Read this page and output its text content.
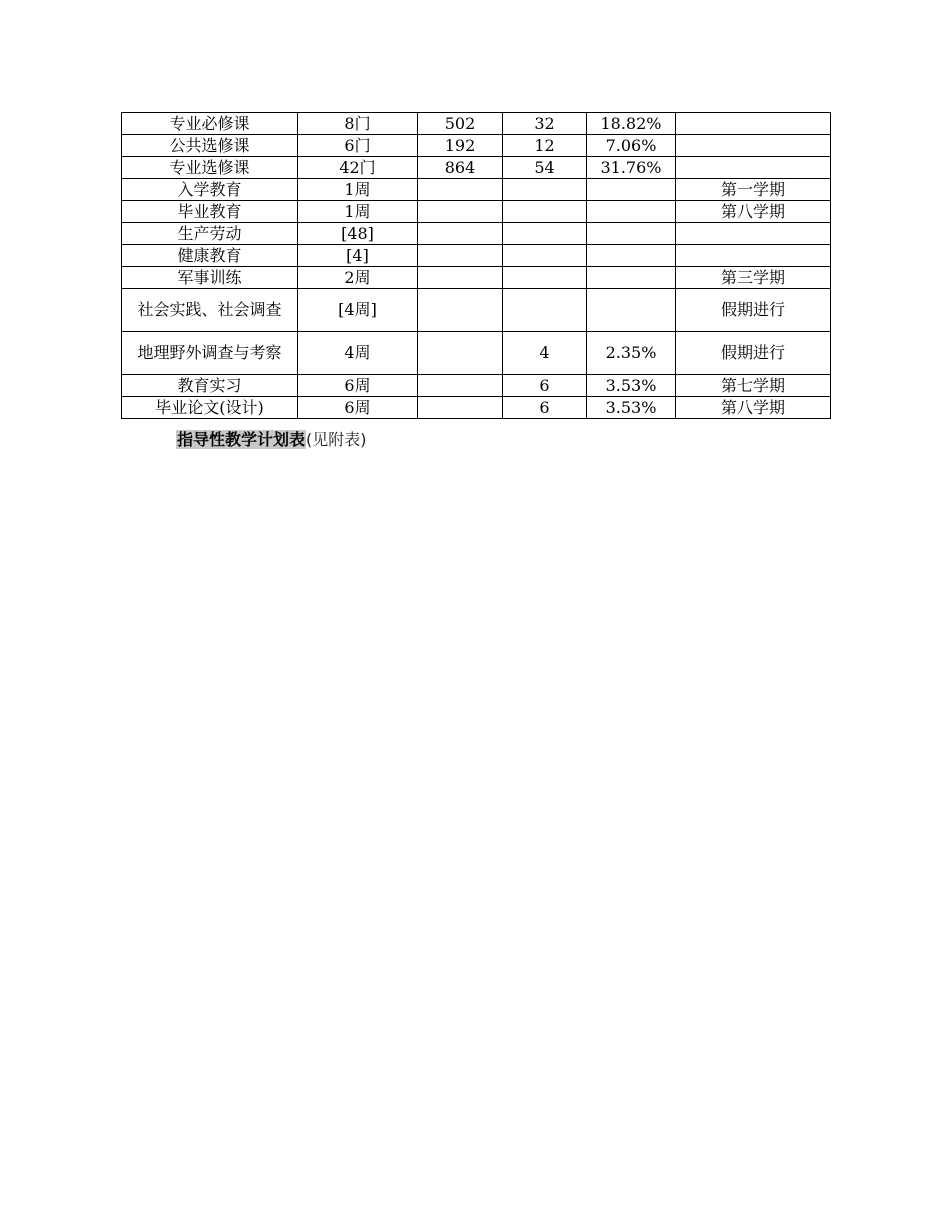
专业必修课	8门	502	32	18.82%	
公共选修课	6门	192	12	7.06%	
专业选修课	42门	864	54	31.76%	
入学教育	1周				第一学期
毕业教育	1周				第八学期
生产劳动	[48]				
健康教育	[4]				
军事训练	2周				第三学期
社会实践、社会调查	[4周]				假期进行
地理野外调查与考察	4周		4	2.35%	假期进行
教育实习	6周		6	3.53%	第七学期
毕业论文(设计)	6周		6	3.53%	第八学期
指导性教学计划表(见附表)
